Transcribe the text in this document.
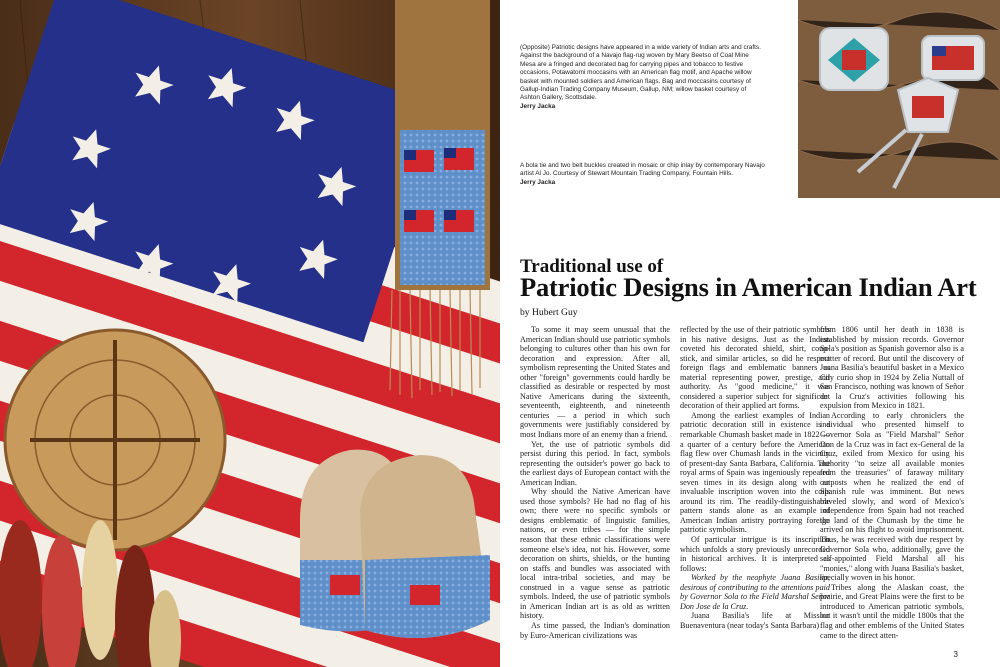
(Opposite) Patriotic designs have appeared in a wide variety of Indian arts and crafts. Against the background of a Navajo flag-rug woven by Mary Beetso of Coal Mine Mesa are a fringed and decorated bag for carrying pipes and tobacco to festive occasions, Potawatomi moccasins with an American flag motif, and Apache willow basket with mounted soldiers and American flags. Bag and moccasins courtesy of Gallup-Indian Trading Company Museum, Gallup, NM; willow basket courtesy of Ashton Gallery, Scottsdale.
Jerry Jacka
A bola tie and two belt buckles created in mosaic or chip inlay by contemporary Navajo artist Al Jo. Courtesy of Stewart Mountain Trading Company, Fountain Hills.
Jerry Jacka
Traditional use of
Patriotic Designs in American Indian Art
by Hubert Guy

To some it may seem unusual that the American Indian should use patriotic symbols belonging to cultures other than his own for decoration and expression. After all, symbolism representing the United States and other "foreign" governments could hardly be classified as desirable or respected by most Native Americans during the sixteenth, seventeenth, eighteenth, and nineteenth centuries — a period in which such governments were justifiably considered by most Indians more of an enemy than a friend.

Yet, the use of patriotic symbols did persist during this period. In fact, symbols representing the outsider's power go back to the earliest days of European contact with the American Indian.

Why should the Native American have used those symbols? He had no flag of his own; there were no specific symbols or designs emblematic of linguistic families, nations, or even tribes — for the simple reason that these ethnic classifications were someone else's idea, not his. However, some decoration on shirts, shields, or the hunting on staffs and bundles was associated with local intra-tribal societies, and may be construed in a vague sense as patriotic symbols. Indeed, the use of patriotic symbols in American Indian art is as old as written history.

As time passed, the Indian's domination by Euro-American civilizations was

reflected by the use of their patriotic symbols in his native designs. Just as the Indian coveted his decorated shield, shirt, coup-stick, and similar articles, so did he respect foreign flags and emblematic banners as material representing power, prestige, and authority. As "good medicine," it was considered a superior subject for significant decoration of their applied art forms.

Among the earliest examples of Indian patriotic decoration still in existence is a remarkable Chumash basket made in 1822 — a quarter of a century before the American flag flew over Chumash lands in the vicinity of present-day Santa Barbara, California. The royal arms of Spain was ingeniously repeated seven times in its design along with an invaluable inscription woven into the coils around its rim. The readily-distinguishable pattern stands alone as an example of American Indian artistry portraying foreign patriotic symbolism.

Of particular intrigue is its inscription which unfolds a story previously unrecorded in historical archives. It is interpreted as follows:

Worked by the neophyte Juana Basilia, desirous of contributing to the attentions paid by Governor Sola to the Field Marshal Señor Don Jose de la Cruz.

Juana Basilia's life at Mission Buenaventura (near today's Santa Barbara)

from 1806 until her death in 1838 is established by mission records. Governor Sola's position as Spanish governor also is a matter of record. But until the discovery of Juana Basilia's beautiful basket in a Mexico City curio shop in 1924 by Zelia Nuttall of San Francisco, nothing was known of Señor de la Cruz's activities following his expulsion from Mexico in 1821.

According to early chroniclers the individual who presented himself to Governor Sola as "Field Marshal" Señor Don de la Cruz was in fact ex-General de la Cruz, exiled from Mexico for using his authority "to seize all available monies from the treasuries" of faraway military outposts when he realized the end of Spanish rule was imminent. But news traveled slowly, and word of Mexico's independence from Spain had not reached the land of the Chumash by the time he arrived on his flight to avoid imprisonment. Thus, he was received with due respect by Governor Sola who, additionally, gave the self-appointed Field Marshal all his "monies," along with Juana Basilia's basket, specially woven in his honor.

Tribes along the Alaskan coast, the prairie, and Great Plains were the first to be introduced to American patriotic symbols, but it wasn't until the middle 1800s that the flag and other emblems of the United States came to the direct atten-

3
